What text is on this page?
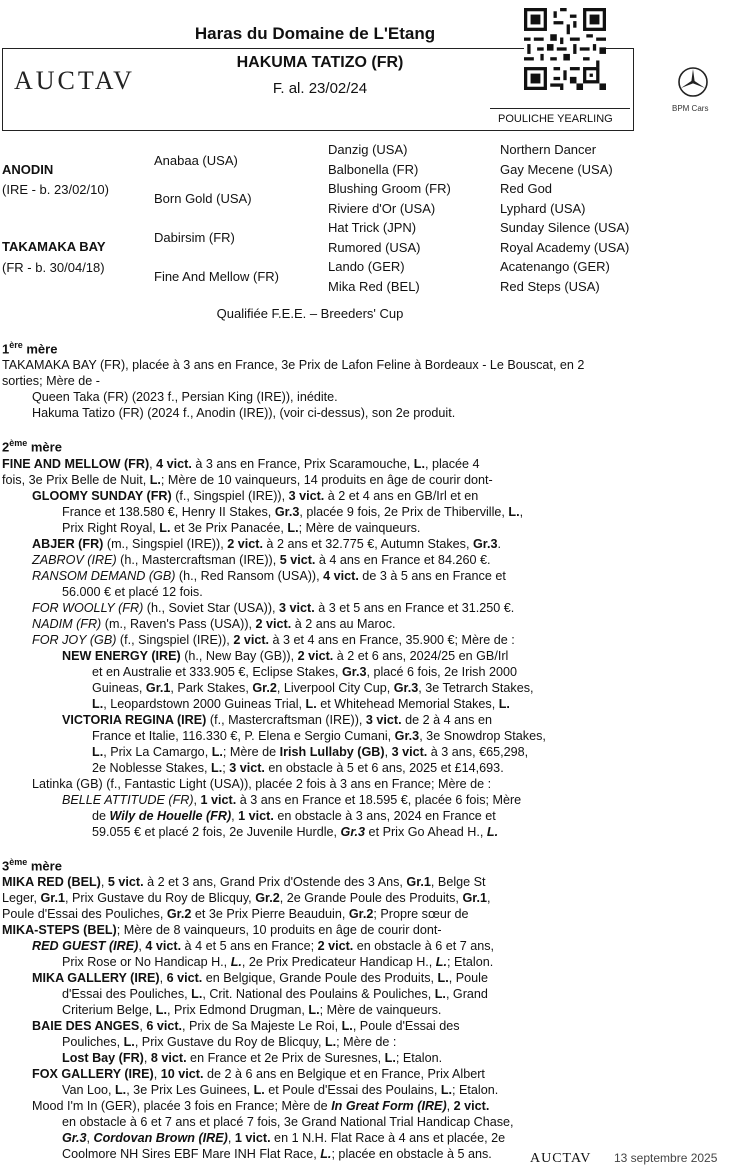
Haras du Domaine de L'Etang
AUCTAV
HAKUMA TATIZO (FR)
F. al. 23/02/24
POULICHE YEARLING
BPM Cars
ANODIN
(IRE - b. 23/02/10)
TAKAMAKA BAY
(FR - b. 30/04/18)
Anabaa (USA)
Born Gold (USA)
Dabirsim (FR)
Fine And Mellow (FR)
Danzig (USA)
Balbonella (FR)
Blushing Groom (FR)
Riviere d'Or (USA)
Hat Trick (JPN)
Rumored (USA)
Lando (GER)
Mika Red (BEL)
Northern Dancer
Gay Mecene (USA)
Red God
Lyphard (USA)
Sunday Silence (USA)
Royal Academy (USA)
Acatenango (GER)
Red Steps (USA)
Qualifiée F.E.E. – Breeders' Cup

1ère mère

TAKAMAKA BAY (FR), placée à 3 ans en France, 3e Prix de Lafon Feline à Bordeaux - Le Bouscat, en 2 sorties; Mère de -

Queen Taka (FR) (2023 f., Persian King (IRE)), inédite.

Hakuma Tatizo (FR) (2024 f., Anodin (IRE)), (voir ci-dessus), son 2e produit.

2ème mère

FINE AND MELLOW (FR), 4 vict. à 3 ans en France, Prix Scaramouche, L., placée 4
fois, 3e Prix Belle de Nuit, L.; Mère de 10 vainqueurs, 14 produits en âge de courir dont-

GLOOMY SUNDAY (FR) (f., Singspiel (IRE)), 3 vict. à 2 et 4 ans en GB/Irl et en
France et 138.580 €, Henry II Stakes, Gr.3, placée 9 fois, 2e Prix de Thiberville, L.,
Prix Right Royal, L. et 3e Prix Panacée, L.; Mère de vainqueurs.

ABJER (FR) (m., Singspiel (IRE)), 2 vict. à 2 ans et 32.775 €, Autumn Stakes, Gr.3.

ZABROV (IRE) (h., Mastercraftsman (IRE)), 5 vict. à 4 ans en France et 84.260 €.

RANSOM DEMAND (GB) (h., Red Ransom (USA)), 4 vict. de 3 à 5 ans en France et
56.000 € et placé 12 fois.

FOR WOOLLY (FR) (h., Soviet Star (USA)), 3 vict. à 3 et 5 ans en France et 31.250 €.

NADIM (FR) (m., Raven's Pass (USA)), 2 vict. à 2 ans au Maroc.

FOR JOY (GB) (f., Singspiel (IRE)), 2 vict. à 3 et 4 ans en France, 35.900 €; Mère de :

NEW ENERGY (IRE) (h., New Bay (GB)), 2 vict. à 2 et 6 ans, 2024/25 en GB/Irl
et en Australie et 333.905 €, Eclipse Stakes, Gr.3, placé 6 fois, 2e Irish 2000
Guineas, Gr.1, Park Stakes, Gr.2, Liverpool City Cup, Gr.3, 3e Tetrarch Stakes,
L., Leopardstown 2000 Guineas Trial, L. et Whitehead Memorial Stakes, L.

VICTORIA REGINA (IRE) (f., Mastercraftsman (IRE)), 3 vict. de 2 à 4 ans en
France et Italie, 116.330 €, P. Elena e Sergio Cumani, Gr.3, 3e Snowdrop Stakes,
L., Prix La Camargo, L.; Mère de Irish Lullaby (GB), 3 vict. à 3 ans, €65,298,
2e Noblesse Stakes, L.; 3 vict. en obstacle à 5 et 6 ans, 2025 et £14,693.

Latinka (GB) (f., Fantastic Light (USA)), placée 2 fois à 3 ans en France; Mère de :

BELLE ATTITUDE (FR), 1 vict. à 3 ans en France et 18.595 €, placée 6 fois; Mère
de Wily de Houelle (FR), 1 vict. en obstacle à 3 ans, 2024 en France et
59.055 € et placé 2 fois, 2e Juvenile Hurdle, Gr.3 et Prix Go Ahead H., L.

3ème mère

MIKA RED (BEL), 5 vict. à 2 et 3 ans, Grand Prix d'Ostende des 3 Ans, Gr.1, Belge St
Leger, Gr.1, Prix Gustave du Roy de Blicquy, Gr.2, 2e Grande Poule des Produits, Gr.1,
Poule d'Essai des Pouliches, Gr.2 et 3e Prix Pierre Beauduin, Gr.2; Propre sœur de
MIKA-STEPS (BEL); Mère de 8 vainqueurs, 10 produits en âge de courir dont-

RED GUEST (IRE), 4 vict. à 4 et 5 ans en France; 2 vict. en obstacle à 6 et 7 ans,
Prix Rose or No Handicap H., L., 2e Prix Predicateur Handicap H., L.; Etalon.

MIKA GALLERY (IRE), 6 vict. en Belgique, Grande Poule des Produits, L., Poule
d'Essai des Pouliches, L., Crit. National des Poulains & Pouliches, L., Grand
Criterium Belge, L., Prix Edmond Drugman, L.; Mère de vainqueurs.

BAIE DES ANGES, 6 vict., Prix de Sa Majeste Le Roi, L., Poule d'Essai des
Pouliches, L., Prix Gustave du Roy de Blicquy, L.; Mère de :

Lost Bay (FR), 8 vict. en France et 2e Prix de Suresnes, L.; Etalon.

FOX GALLERY (IRE), 10 vict. de 2 à 6 ans en Belgique et en France, Prix Albert
Van Loo, L., 3e Prix Les Guinees, L. et Poule d'Essai des Poulains, L.; Etalon.

Mood I'm In (GER), placée 3 fois en France; Mère de In Great Form (IRE), 2 vict.
en obstacle à 6 et 7 ans et placé 7 fois, 3e Grand National Trial Handicap Chase,
Gr.3, Cordovan Brown (IRE), 1 vict. en 1 N.H. Flat Race à 4 ans et placée, 2e
Coolmore NH Sires EBF Mare INH Flat Race, L.; placée en obstacle à 5 ans.	AUCTAV 13 septembre 2025
